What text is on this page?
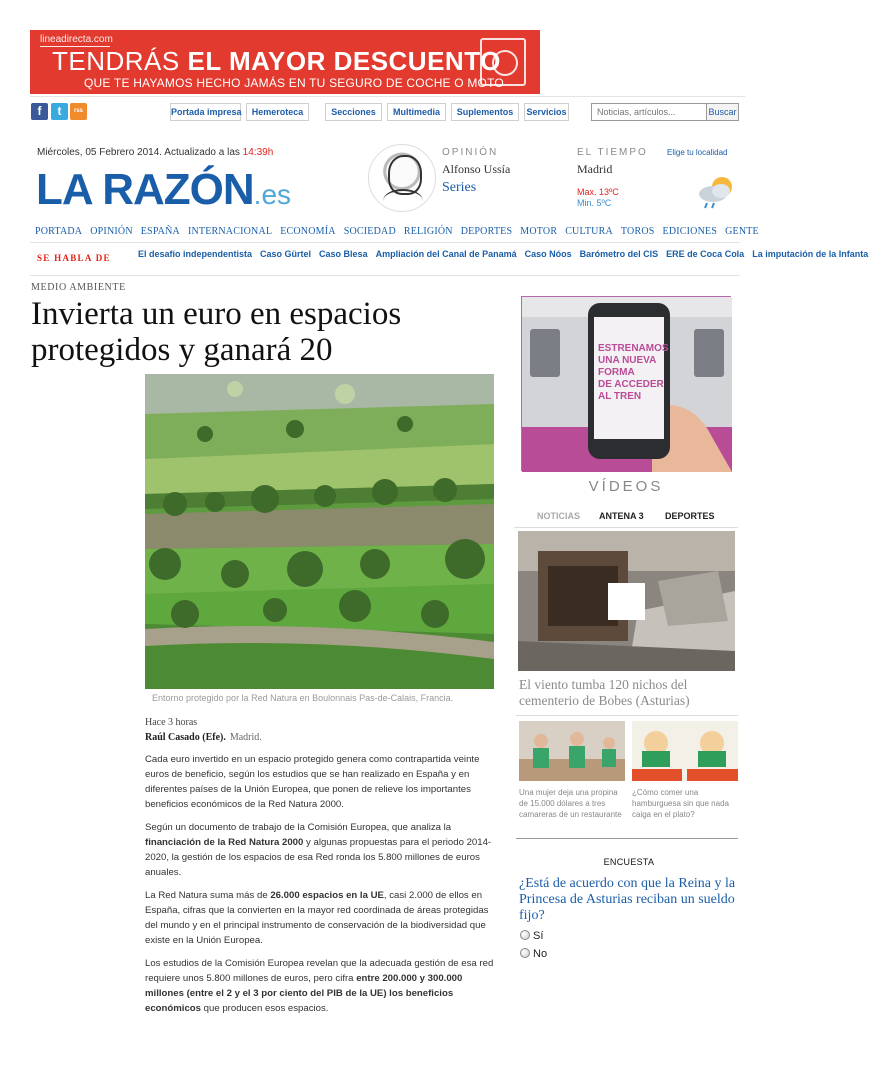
lineadirecta.com
TENDRÁS EL MAYOR DESCUENTO
QUE TE HAYAMOS HECHO JAMÁS EN TU SEGURO DE COCHE O MOTO
f	t	rss	Portada impresa	Hemeroteca	Secciones	Multimedia	Suplementos	Servicios
Noticias, artículos...	Buscar
Miércoles, 05 Febrero 2014. Actualizado a las 14:39h
LA RAZÓN.es
OPINIÓN
Alfonso Ussía
Series
EL TIEMPO Elige tu localidad
Madrid
Max. 13ºC
Min. 5ºC
PORTADA OPINIÓN ESPAÑA INTERNACIONAL ECONOMÍA SOCIEDAD RELIGIÓN DEPORTES MOTOR CULTURA TOROS EDICIONES GENTE
SE HABLA DE	El desafío independentista Caso Gürtel Caso Blesa Ampliación del Canal de Panamá Caso Nóos Barómetro del CIS ERE de Coca Cola La imputación de la Infanta
MEDIO AMBIENTE
Invierta un euro en espacios protegidos y ganará 20
Entorno protegido por la Red Natura en Boulonnais Pas-de-Calais, Francia.
Hace 3 horas
Raúl Casado (Efe). Madrid.

Cada euro invertido en un espacio protegido genera como contrapartida veinte euros de beneficio, según los estudios que se han realizado en España y en diferentes países de la Unión Europea, que ponen de relieve los importantes beneficios económicos de la Red Natura 2000.

Según un documento de trabajo de la Comisión Europea, que analiza la financiación de la Red Natura 2000 y algunas propuestas para el periodo 2014-2020, la gestión de los espacios de esa Red ronda los 5.800 millones de euros anuales.

La Red Natura suma más de 26.000 espacios en la UE, casi 2.000 de ellos en España, cifras que la convierten en la mayor red coordinada de áreas protegidas del mundo y en el principal instrumento de conservación de la biodiversidad que existe en la Unión Europea.

Los estudios de la Comisión Europea revelan que la adecuada gestión de esa red requiere unos 5.800 millones de euros, pero cifra entre 200.000 y 300.000 millones (entre el 2 y el 3 por ciento del PIB de la UE) los beneficios económicos que producen esos espacios.

ESTRENAMOS
UNA NUEVA
FORMA
DE ACCEDER
AL TREN
VÍDEOS
NOTICIAS ANTENA 3 DEPORTES
El viento tumba 120 nichos del cementerio de Bobes (Asturias)
Una mujer deja una propina de 15.000 dólares a tres camareras de un restaurante
¿Cómo comer una hamburguesa sin que nada caiga en el plato?
ENCUESTA
¿Está de acuerdo con que la Reina y la Princesa de Asturias reciban un sueldo fijo?
Sí
No
